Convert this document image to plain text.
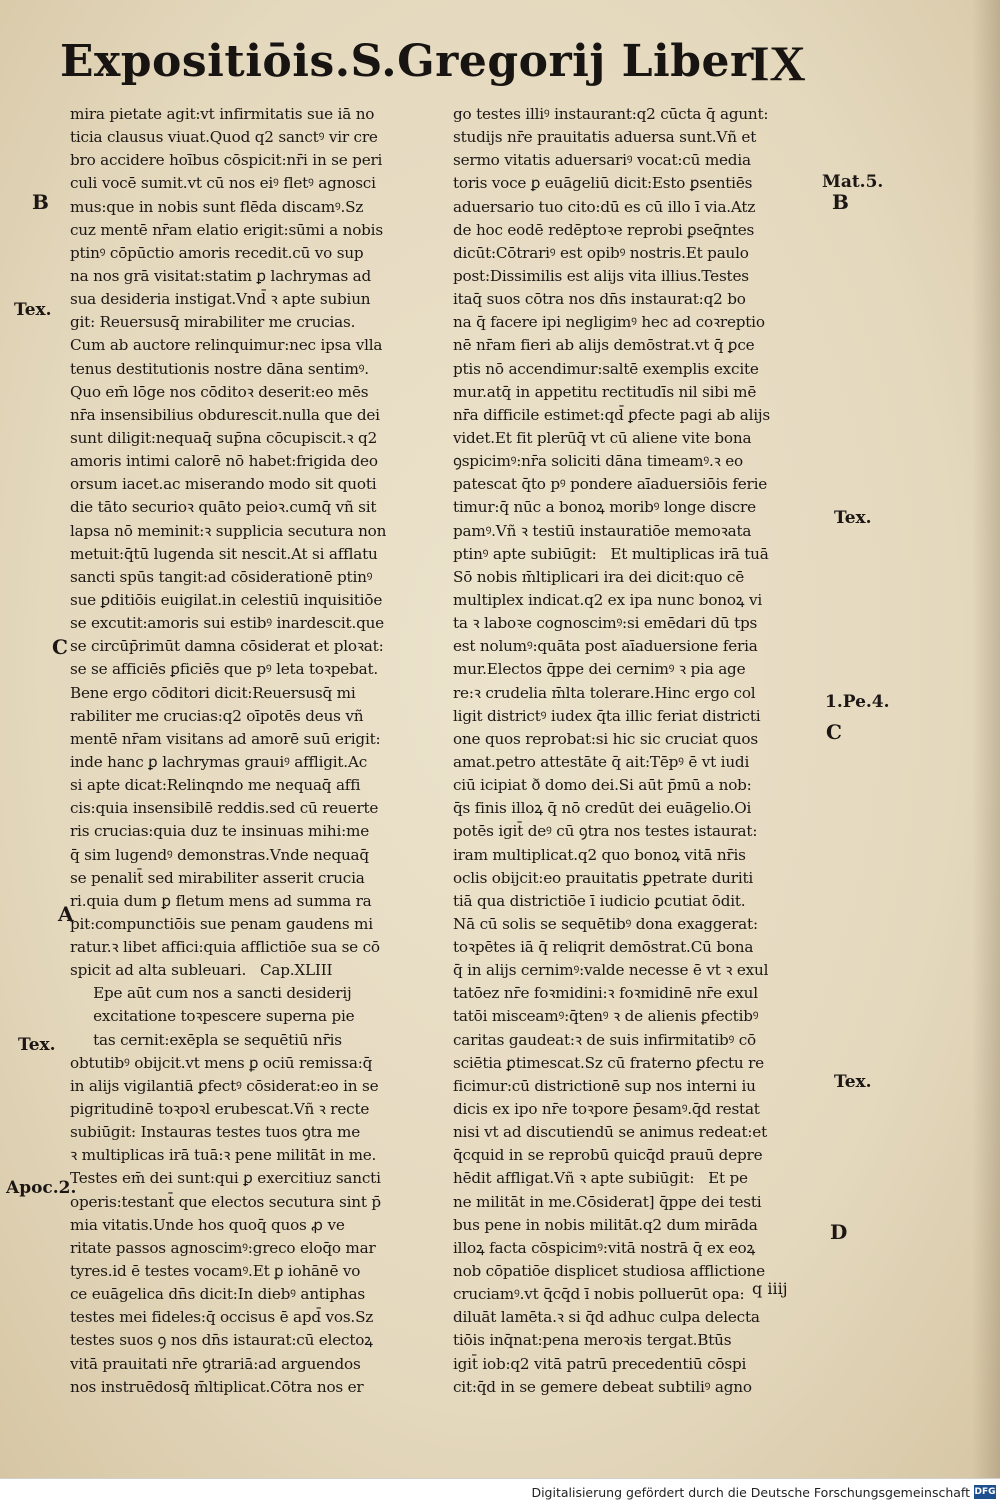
Expositiōis.S.Gregorij Liber
IX
mira pietate agit:vt infirmitatis sue iā no
ticia clausus viuat.Quod q2 sanctꝰ vir cre
bro accidere hoībus cōspicit:nr̄i in se peri
culi vocē sumit.vt cū nos eiꝰ fletꝰ agnosci
mus:que in nobis sunt flēda discamꝰ.Sz
cuz mentē nr̄am elatio erigit:sūmi a nobis
ptinꝰ cōpūctio amoris recedit.cū vo sup
na nos grā visitat:statim ꝑ lachrymas ad
sua desideria instigat.Vnd̄ ꝛ apte subiun
git: Reuersusq̄ mirabiliter me crucias.
Cum ab auctore relinquimur:nec ipsa vlla
tenus destitutionis nostre dāna sentimꝰ.
Quo em̄ lōge nos cōditoꝛ deserit:eo mēs
nr̄a insensibilius obdurescit.nulla que dei
sunt diligit:nequaq̄ sup̄na cōcupiscit.ꝛ q2
amoris intimi calorē nō habet:frigida deo
orsum iacet.ac miserando modo sit quoti
die tāto securioꝛ quāto peioꝛ.cumq̄ vñ sit
lapsa nō meminit:ꝛ supplicia secutura non
metuit:q̄tū lugenda sit nescit.At si afflatu
sancti spūs tangit:ad cōsiderationē ptinꝰ
sue ꝑditiōis euigilat.in celestiū inquisitiōe
se excutit:amoris sui estibꝰ inardescit.que
se circūp̄rimūt damna cōsiderat et ploꝛat:
se se afficiēs ꝑficiēs que pꝰ leta toꝛpebat.
Bene ergo cōditori dicit:Reuersusq̄ mi
rabiliter me crucias:q2 oīpotēs deus vñ
mentē nr̄am visitans ad amorē suū erigit:
inde hanc ꝑ lachrymas grauiꝰ affligit.Ac
si apte dicat:Relinqndo me nequaq̄ affi
cis:quia insensibilē reddis.sed cū reuerte
ris crucias:quia duz te insinuas mihi:me
q̄ sim lugendꝰ demonstras.Vnde nequaq̄
se penalit̄ sed mirabiliter asserit crucia
ri.quia dum ꝑ fletum mens ad summa ra
pit:compunctiōis sue penam gaudens mi
ratur.ꝛ libet affici:quia afflictiōe sua se cō
spicit ad alta subleuari.   Cap.XLIII
Epe aūt cum nos a sancti desiderij
excitatione toꝛpescere superna pie
tas cernit:exēpla se sequētiū nr̄is
obtutibꝰ obijcit.vt mens ꝑ ociū remissa:q̄
in alijs vigilantiā ꝑfectꝰ cōsiderat:eo in se
pigritudinē toꝛpoꝛl erubescat.Vñ ꝛ recte
subiūgit: Instauras testes tuos ꝯtra me
ꝛ multiplicas irā tuā:ꝛ pene militāt in me.
Testes em̄ dei sunt:qui ꝑ exercitiuz sancti
operis:testant̄ que electos secutura sint p̄
mia vitatis.Unde hos quoq̄ quos ꝓ ve
ritate passos agnoscimꝰ:greco eloq̄o mar
tyres.id ē testes vocamꝰ.Et ꝑ iohānē vo
ce euāgelica dn̄s dicit:In diebꝰ antiphas
testes mei fideles:q̄ occisus ē apd̄ vos.Sz
testes suos ꝯ nos dn̄s istaurat:cū electoꝝ
vitā prauitati nr̄e ꝯtrariā:ad arguendos
nos instruēdosq̄ m̄ltiplicat.Cōtra nos er
go testes illiꝰ instaurant:q2 cūcta q̄ agunt:
studijs nr̄e prauitatis aduersa sunt.Vñ et
sermo vitatis aduersariꝰ vocat:cū media
toris voce ꝑ euāgeliū dicit:Esto ꝑsentiēs
aduersario tuo cito:dū es cū illo ī via.Atz
de hoc eodē redēptoꝛe reprobi ꝑseq̄ntes
dicūt:Cōtrariꝰ est opibꝰ nostris.Et paulo
post:Dissimilis est alijs vita illius.Testes
itaq̄ suos cōtra nos dn̄s instaurat:q2 bo
na q̄ facere ipi negligimꝰ hec ad coꝛreptio
nē nr̄am fieri ab alijs demōstrat.vt q̄ ꝑce
ptis nō accendimur:saltē exemplis excite
mur.atq̄ in appetitu rectitudīs nil sibi mē
nr̄a difficile estimet:qd̄ ꝑfecte pagi ab alijs
videt.Et fit plerūq̄ vt cū aliene vite bona
ꝯspicimꝰ:nr̄a soliciti dāna timeamꝰ.ꝛ eo
patescat q̄to pꝰ pondere aīaduersiōis ferie
timur:q̄ nūc a bonoꝝ moribꝰ longe discre
pamꝰ.Vñ ꝛ testiū instauratiōe memoꝛata
ptinꝰ apte subiūgit:   Et multiplicas irā tuā
Sō nobis m̄ltiplicari ira dei dicit:quo cē
multiplex indicat.q2 ex ipa nunc bonoꝝ vi
ta ꝛ laboꝛe cognoscimꝰ:si emēdari dū tps
est nolumꝰ:quāta post aīaduersione feria
mur.Electos q̄ppe dei cernimꝰ ꝛ pia age
re:ꝛ crudelia m̄lta tolerare.Hinc ergo col
ligit districtꝰ iudex q̄ta illic feriat districti
one quos reprobat:si hic sic cruciat quos
amat.petro attestāte q̄ ait:Tēpꝰ ē vt iudi
ciū icipiat ð domo dei.Si aūt p̄mū a nob:
q̄s finis illoꝝ q̄ nō credūt dei euāgelio.Oi
potēs igit̄ deꝰ cū ꝯtra nos testes istaurat:
iram multiplicat.q2 quo bonoꝝ vitā nr̄is
oclis obijcit:eo prauitatis ꝑpetrate duriti
tiā qua districtiōe ī iudicio ꝑcutiat ōdit.
Nā cū solis se sequētibꝰ dona exaggerat:
toꝛpētes iā q̄ reliqrit demōstrat.Cū bona
q̄ in alijs cernimꝰ:valde necesse ē vt ꝛ exul
tatōez nr̄e foꝛmidini:ꝛ foꝛmidinē nr̄e exul
tatōi misceamꝰ:q̄tenꝰ ꝛ de alienis ꝑfectibꝰ
caritas gaudeat:ꝛ de suis infirmitatibꝰ cō
sciētia ꝑtimescat.Sz cū fraterno ꝑfectu re
ficimur:cū districtionē sup nos interni iu
dicis ex ipo nr̄e toꝛpore p̄esamꝰ.q̄d restat
nisi vt ad discutiendū se animus redeat:et
q̄cquid in se reprobū quicq̄d prauū depre
hēdit affligat.Vñ ꝛ apte subiūgit:   Et pe
ne militāt in me.Cōsiderat] q̄ppe dei testi
bus pene in nobis militāt.q2 dum mirāda
illoꝝ facta cōspicimꝰ:vitā nostrā q̄ ex eoꝝ
nob cōpatiōe displicet studiosa afflictione
cruciamꝰ.vt q̄cq̄d ī nobis polluerūt opa:
diluāt lamēta.ꝛ si q̄d adhuc culpa delecta
tiōis inq̄nat:pena meroꝛis tergat.Btūs
igit̄ iob:q2 vitā patrū precedentiū cōspi
cit:q̄d in se gemere debeat subtiliꝰ agno
B
Tex.
C
A
Tex.
Apoc.2.
Mat.5.
B
Tex.
1.Pe.4.
C
Tex.
D
q iiij
Digitalisierung gefördert durch die Deutsche Forschungsgemeinschaft DFG
